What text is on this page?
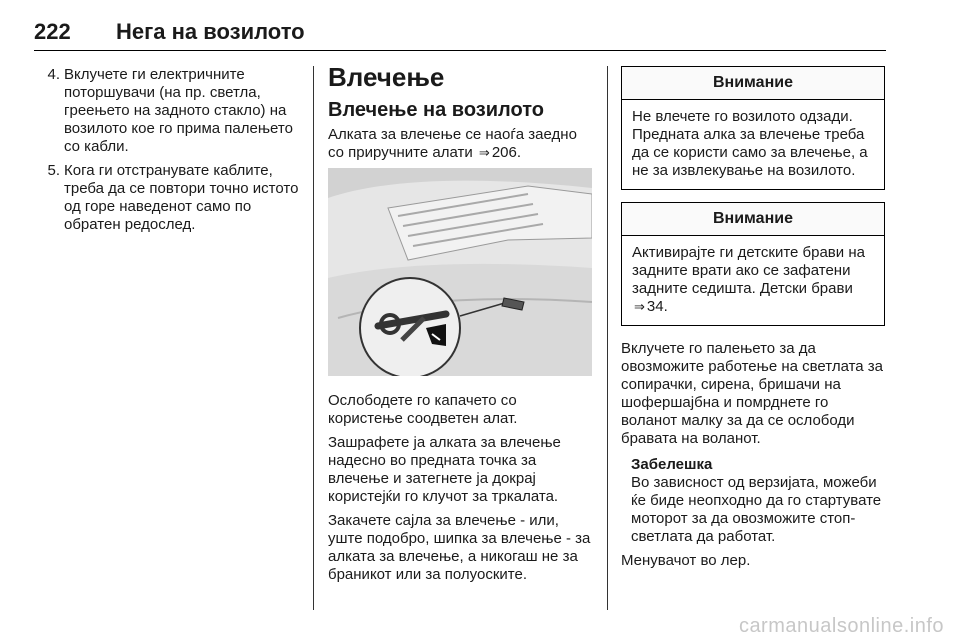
222 Нега на возилото
4. Вклучете ги електричните поторшувачи (на пр. светла, греењето на задното стакло) на возилото кое го прима палењето со кабли.
5. Кога ги отстранувате каблите, треба да се повтори точно истото од горе наведенот само по обратен редослед.
Влечење
Влечење на возилото
Алката за влечење се наоѓа заедно со приручните алати ⇒ 206.
Ослободете го капачето со користење соодветен алат.
Зашрафете ја алката за влечење надесно во предната точка за влечење и затегнете ја докрај користејќи го клучот за тркалата.
Закачете сајла за влечење - или, уште подобро, шипка за влечење - за алката за влечење, а никогаш не за браникот или за полуоските.
Внимание
Не влечете го возилото одзади. Предната алка за влечење треба да се користи само за влечење, а не за извлекување на возилото.
Внимание
Активирајте ги детските брави на задните врати ако се зафатени задните седишта. Детски брави ⇒ 34.
Вклучете го палењето за да овозможите работење на светлата за сопирачки, сирена, бришачи на шофершајбна и помрднете го воланот малку за да се ослободи бравата на воланот.
Забелешка
Во зависност од верзијата, можеби ќе биде неопходно да го стартувате моторот за да овозможите стоп-светлата да работат.
Менувачот во лер.
carmanualsonline.info
